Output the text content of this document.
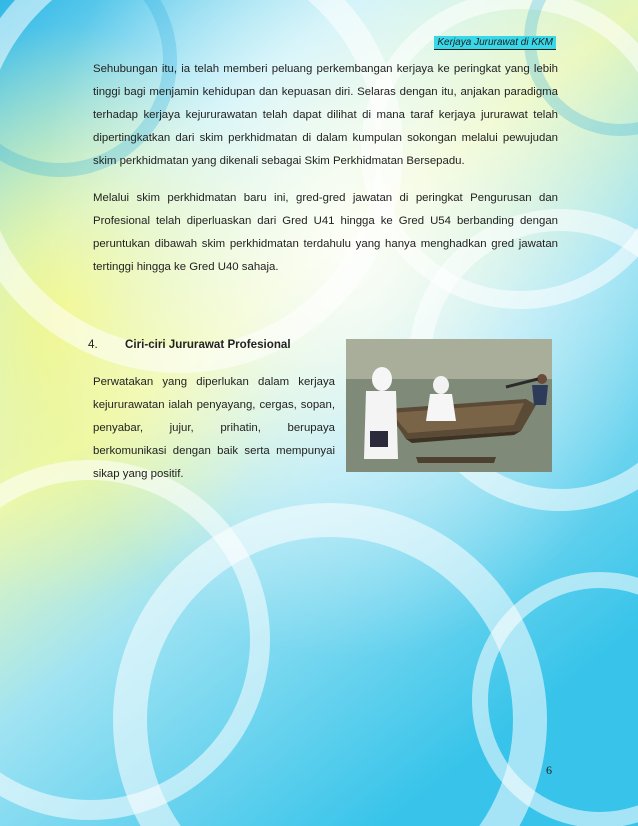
Kerjaya Jururawat di KKM

Sehubungan itu, ia telah memberi peluang perkembangan kerjaya ke peringkat yang lebih tinggi bagi menjamin kehidupan dan kepuasan diri. Selaras dengan itu, anjakan paradigma terhadap kerjaya kejururawatan telah dapat dilihat di mana taraf kerjaya jururawat telah dipertingkatkan dari skim perkhidmatan di dalam kumpulan sokongan melalui pewujudan skim perkhidmatan yang dikenali sebagai Skim Perkhidmatan Bersepadu.

Melalui skim perkhidmatan baru ini, gred-gred jawatan di peringkat Pengurusan dan Profesional telah diperluaskan dari Gred U41 hingga ke Gred U54 berbanding dengan peruntukan dibawah skim perkhidmatan terdahulu yang hanya menghadkan gred jawatan tertinggi hingga ke Gred U40 sahaja.

4. Ciri-ciri Jururawat Profesional
Perwatakan yang diperlukan dalam kerjaya kejururawatan ialah penyayang, cergas, sopan, penyabar, jujur, prihatin, berupaya berkomunikasi dengan baik serta mempunyai sikap yang positif.
6
